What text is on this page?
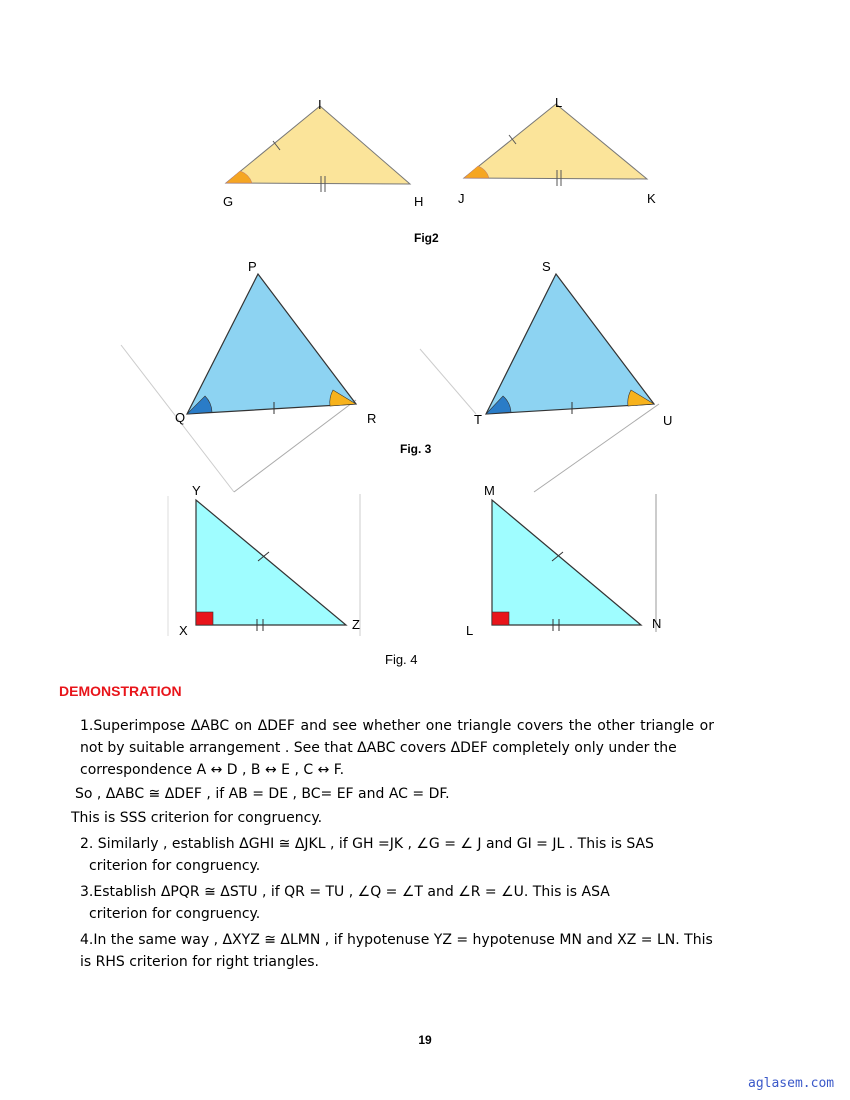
G	H
I
J	K
L
Fig2
P
Q	R
S
T	U
Fig. 3
Y
X	Z
M
L	N
Fig. 4
DEMONSTRATION
1.Superimpose ΔABC on ΔDEF and see whether one triangle covers the other triangle or not by suitable arrangement . See that ΔABC covers ΔDEF completely only under the
correspondence A ↔ D , B ↔ E , C ↔ F.
So , ΔABC ≅ ΔDEF , if AB = DE , BC= EF and AC = DF.
This is SSS criterion for congruency.
2. Similarly , establish ΔGHI ≅ ΔJKL , if GH =JK , ∠G = ∠ J and GI = JL . This is SAS
criterion for congruency.
3.Establish ΔPQR ≅ ΔSTU , if QR = TU , ∠Q = ∠T and ∠R = ∠U. This is ASA
criterion for congruency.
4.In the same way , ΔXYZ ≅ ΔLMN , if hypotenuse YZ = hypotenuse MN and XZ = LN. This
is RHS criterion for right triangles.
19
aglasem.com
